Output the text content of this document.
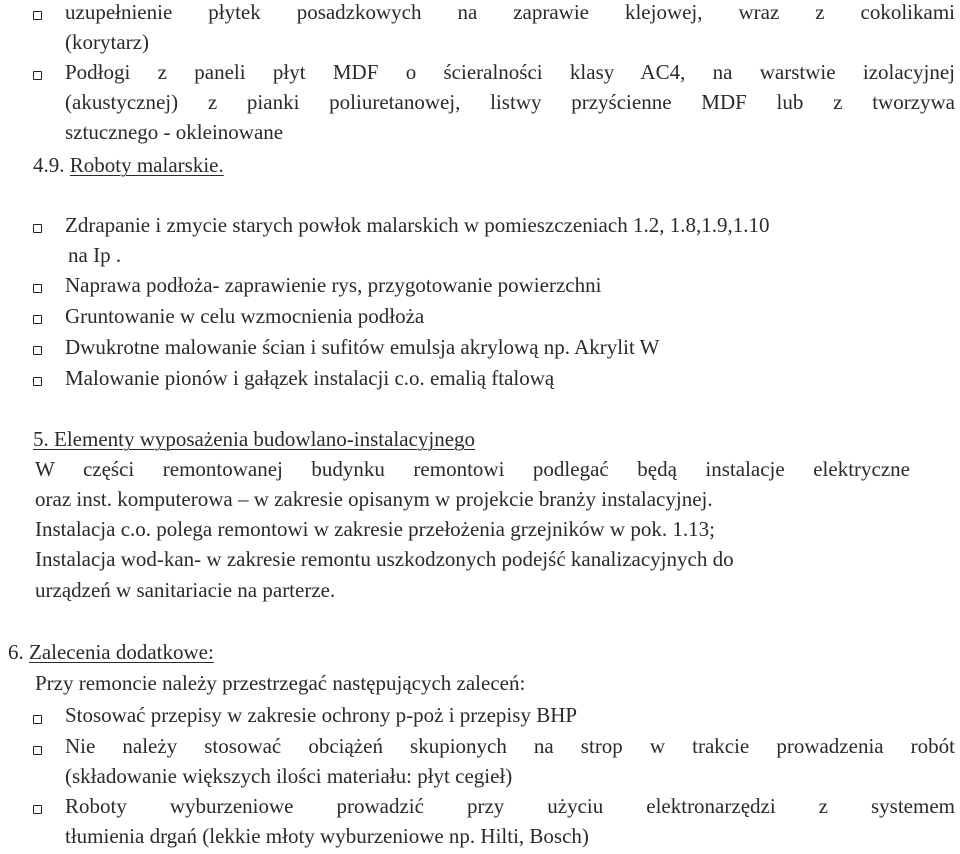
uzupełnienie płytek posadzkowych na zaprawie klejowej, wraz z cokolikami
(korytarz)
Podłogi z paneli płyt MDF o ścieralności klasy AC4, na warstwie izolacyjnej
(akustycznej) z pianki poliuretanowej, listwy przyścienne MDF lub z tworzywa
sztucznego - okleinowane
4.9. Roboty malarskie.
Zdrapanie i zmycie starych powłok malarskich w pomieszczeniach 1.2, 1.8,1.9,1.10
na Ip .
Naprawa podłoża- zaprawienie rys, przygotowanie powierzchni
Gruntowanie w celu wzmocnienia podłoża
Dwukrotne malowanie ścian i sufitów emulsja akrylową np. Akrylit W
Malowanie pionów i gałązek instalacji c.o. emalią ftalową
5. Elementy wyposażenia budowlano-instalacyjnego
W części remontowanej budynku remontowi podlegać będą instalacje elektryczne
oraz inst. komputerowa – w zakresie opisanym w projekcie branży instalacyjnej.
Instalacja c.o. polega remontowi w zakresie przełożenia grzejników w pok. 1.13;
Instalacja wod-kan- w zakresie remontu uszkodzonych podejść kanalizacyjnych do
urządzeń w sanitariacie na parterze.
6. Zalecenia dodatkowe:
Przy remoncie należy przestrzegać następujących zaleceń:
Stosować przepisy w zakresie ochrony p-poż i przepisy BHP
Nie należy stosować obciążeń skupionych na strop w trakcie prowadzenia robót
(składowanie większych ilości materiału: płyt cegieł)
Roboty wyburzeniowe prowadzić przy użyciu elektronarzędzi z systemem
tłumienia drgań (lekkie młoty wyburzeniowe np. Hilti, Bosch)
